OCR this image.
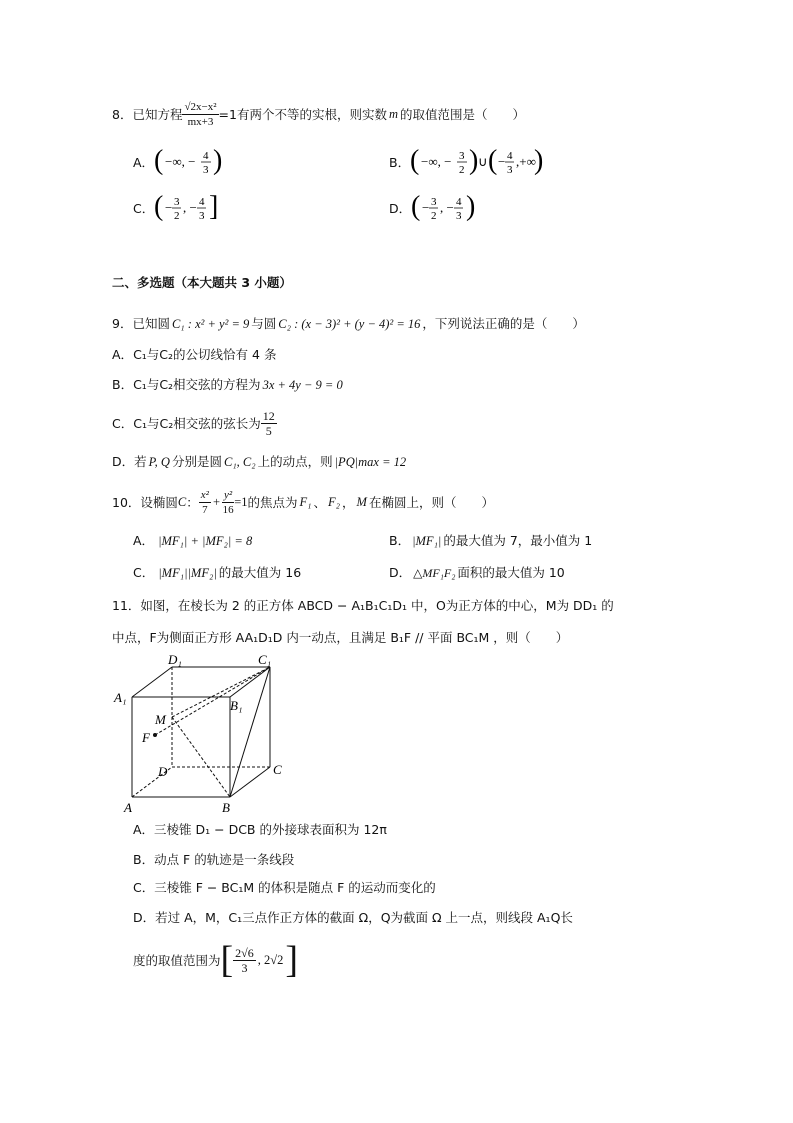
8． 已知方程 $\frac{\text{√2x−x²}}{mx+3} =1$有两个不等的实根，则实数 m 的取值范围是（　　）
A． ( −∞, − 4
3 )	B． ( −∞, − 3
2 ) ∪ ( − 4
3
,+∞
)
C． ( − 3
2
, − 4
3 ]	D． ( − 3
2
, − 4
3 )
二、多选题（本大题共 3 小题）
9．已知圆 C₁ : x² + y² = 9 与圆 C₂ : (x − 3)² + (y − 4)² = 16 ，下列说法正确的是（　　）
A．C₁与C₂的公切线恰有 4 条
B．C₁与C₂相交弦的方程为 3x + 4y − 9 = 0
C． C₁与C₂相交弦的弦长为 $\frac{12}{5}$
D．若 P, Q 分别是圆 C₁, C₂ 上的动点，则 |PQ|max = 12
10． 设椭圆 C ： $\frac{\text{x²}}{7} + \frac{\text{y²}}{16} =1$ 的焦点为 F₁ 、 F₂ ， M 在椭圆上，则（　　）
A． |MF₁| + |MF₂| = 8	B． |MF₁| 的最大值为 7，最小值为 1
C． |MF₁||MF₂| 的最大值为 16	D． △MF₁F₂ 面积的最大值为 10
11．如图，在棱长为 2 的正方体 ABCD − A₁B₁C₁D₁ 中，O为正方体的中心，M为 DD₁ 的
中点，F为侧面正方形 AA₁D₁D 内一动点，且满足 B₁F // 平面 BC₁M ，则（　　）
D₁	C₁
A₁
B₁
M
F
D	C
A	B
A．三棱锥 D₁ − DCB 的外接球表面积为 12π
B．动点 F 的轨迹是一条线段
C．三棱锥 F − BC₁M 的体积是随点 F 的运动而变化的
D．若过 A，M，C₁三点作正方体的截面 Ω，Q为截面 Ω 上一点，则线段 A₁Q长
度的取值范围为 [ $\frac{2√6}{3}$ , 2√2 ]
